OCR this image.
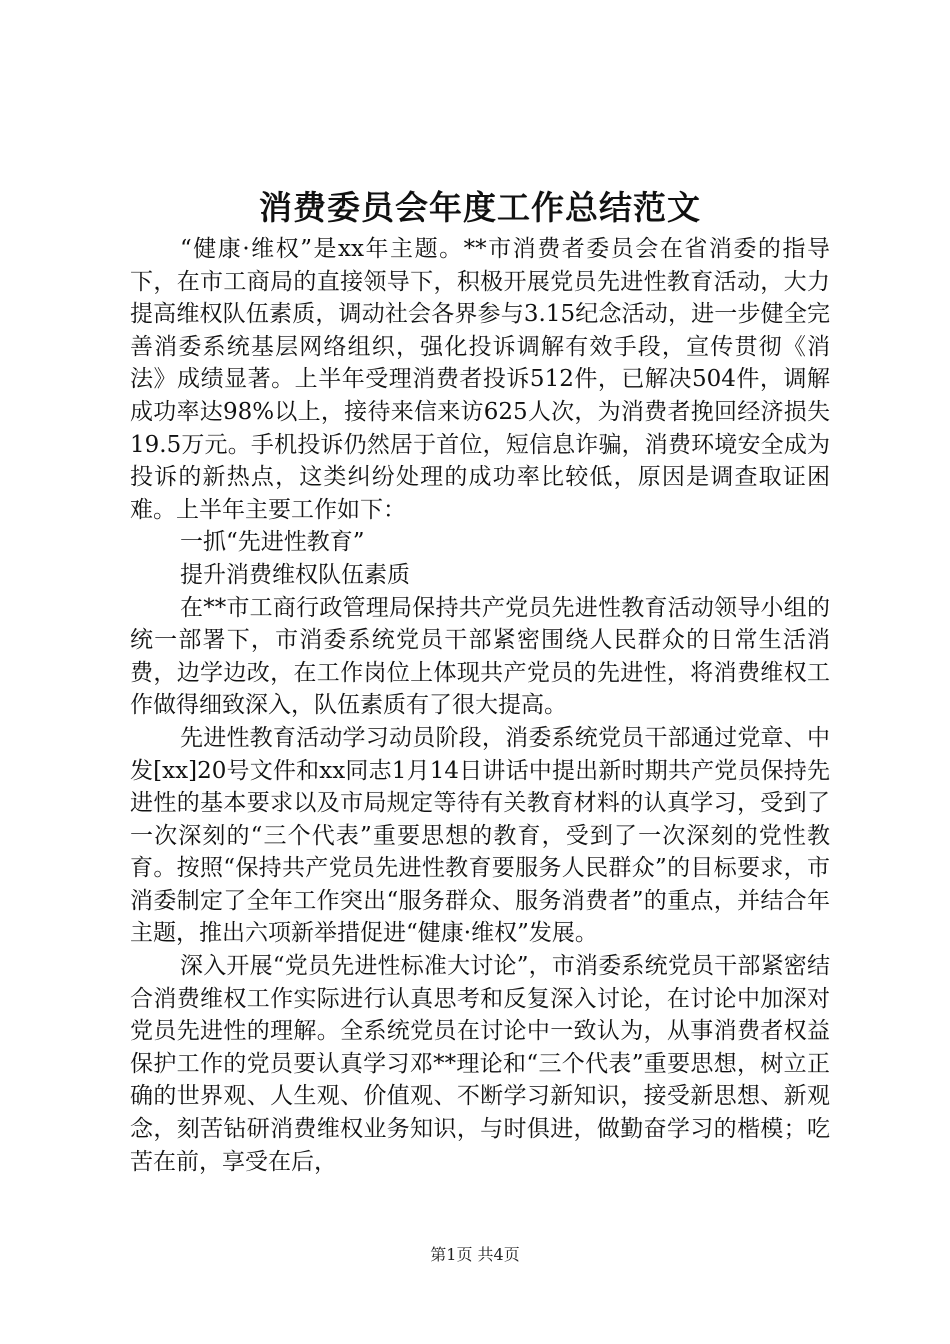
消费委员会年度工作总结范文

“健康·维权”是xx年主题。**市消费者委员会在省消委的指导下，在市工商局的直接领导下，积极开展党员先进性教育活动，大力提高维权队伍素质，调动社会各界参与3.15纪念活动，进一步健全完善消委系统基层网络组织，强化投诉调解有效手段，宣传贯彻《消法》成绩显著。上半年受理消费者投诉512件，已解决504件，调解成功率达98%以上，接待来信来访625人次，为消费者挽回经济损失19.5万元。手机投诉仍然居于首位，短信息诈骗，消费环境安全成为投诉的新热点，这类纠纷处理的成功率比较低，原因是调查取证困难。上半年主要工作如下：

一抓“先进性教育”

提升消费维权队伍素质

在**市工商行政管理局保持共产党员先进性教育活动领导小组的统一部署下，市消委系统党员干部紧密围绕人民群众的日常生活消费，边学边改，在工作岗位上体现共产党员的先进性，将消费维权工作做得细致深入，队伍素质有了很大提高。

先进性教育活动学习动员阶段，消委系统党员干部通过党章、中发[xx]20号文件和xx同志1月14日讲话中提出新时期共产党员保持先进性的基本要求以及市局规定等待有关教育材料的认真学习，受到了一次深刻的“三个代表”重要思想的教育，受到了一次深刻的党性教育。按照“保持共产党员先进性教育要服务人民群众”的目标要求，市消委制定了全年工作突出“服务群众、服务消费者”的重点，并结合年主题，推出六项新举措促进“健康·维权”发展。

深入开展“党员先进性标准大讨论”，市消委系统党员干部紧密结合消费维权工作实际进行认真思考和反复深入讨论，在讨论中加深对党员先进性的理解。全系统党员在讨论中一致认为，从事消费者权益保护工作的党员要认真学习邓**理论和“三个代表”重要思想，树立正确的世界观、人生观、价值观、不断学习新知识，接受新思想、新观念，刻苦钻研消费维权业务知识，与时俱进，做勤奋学习的楷模；吃苦在前，享受在后，

第1页 共4页
